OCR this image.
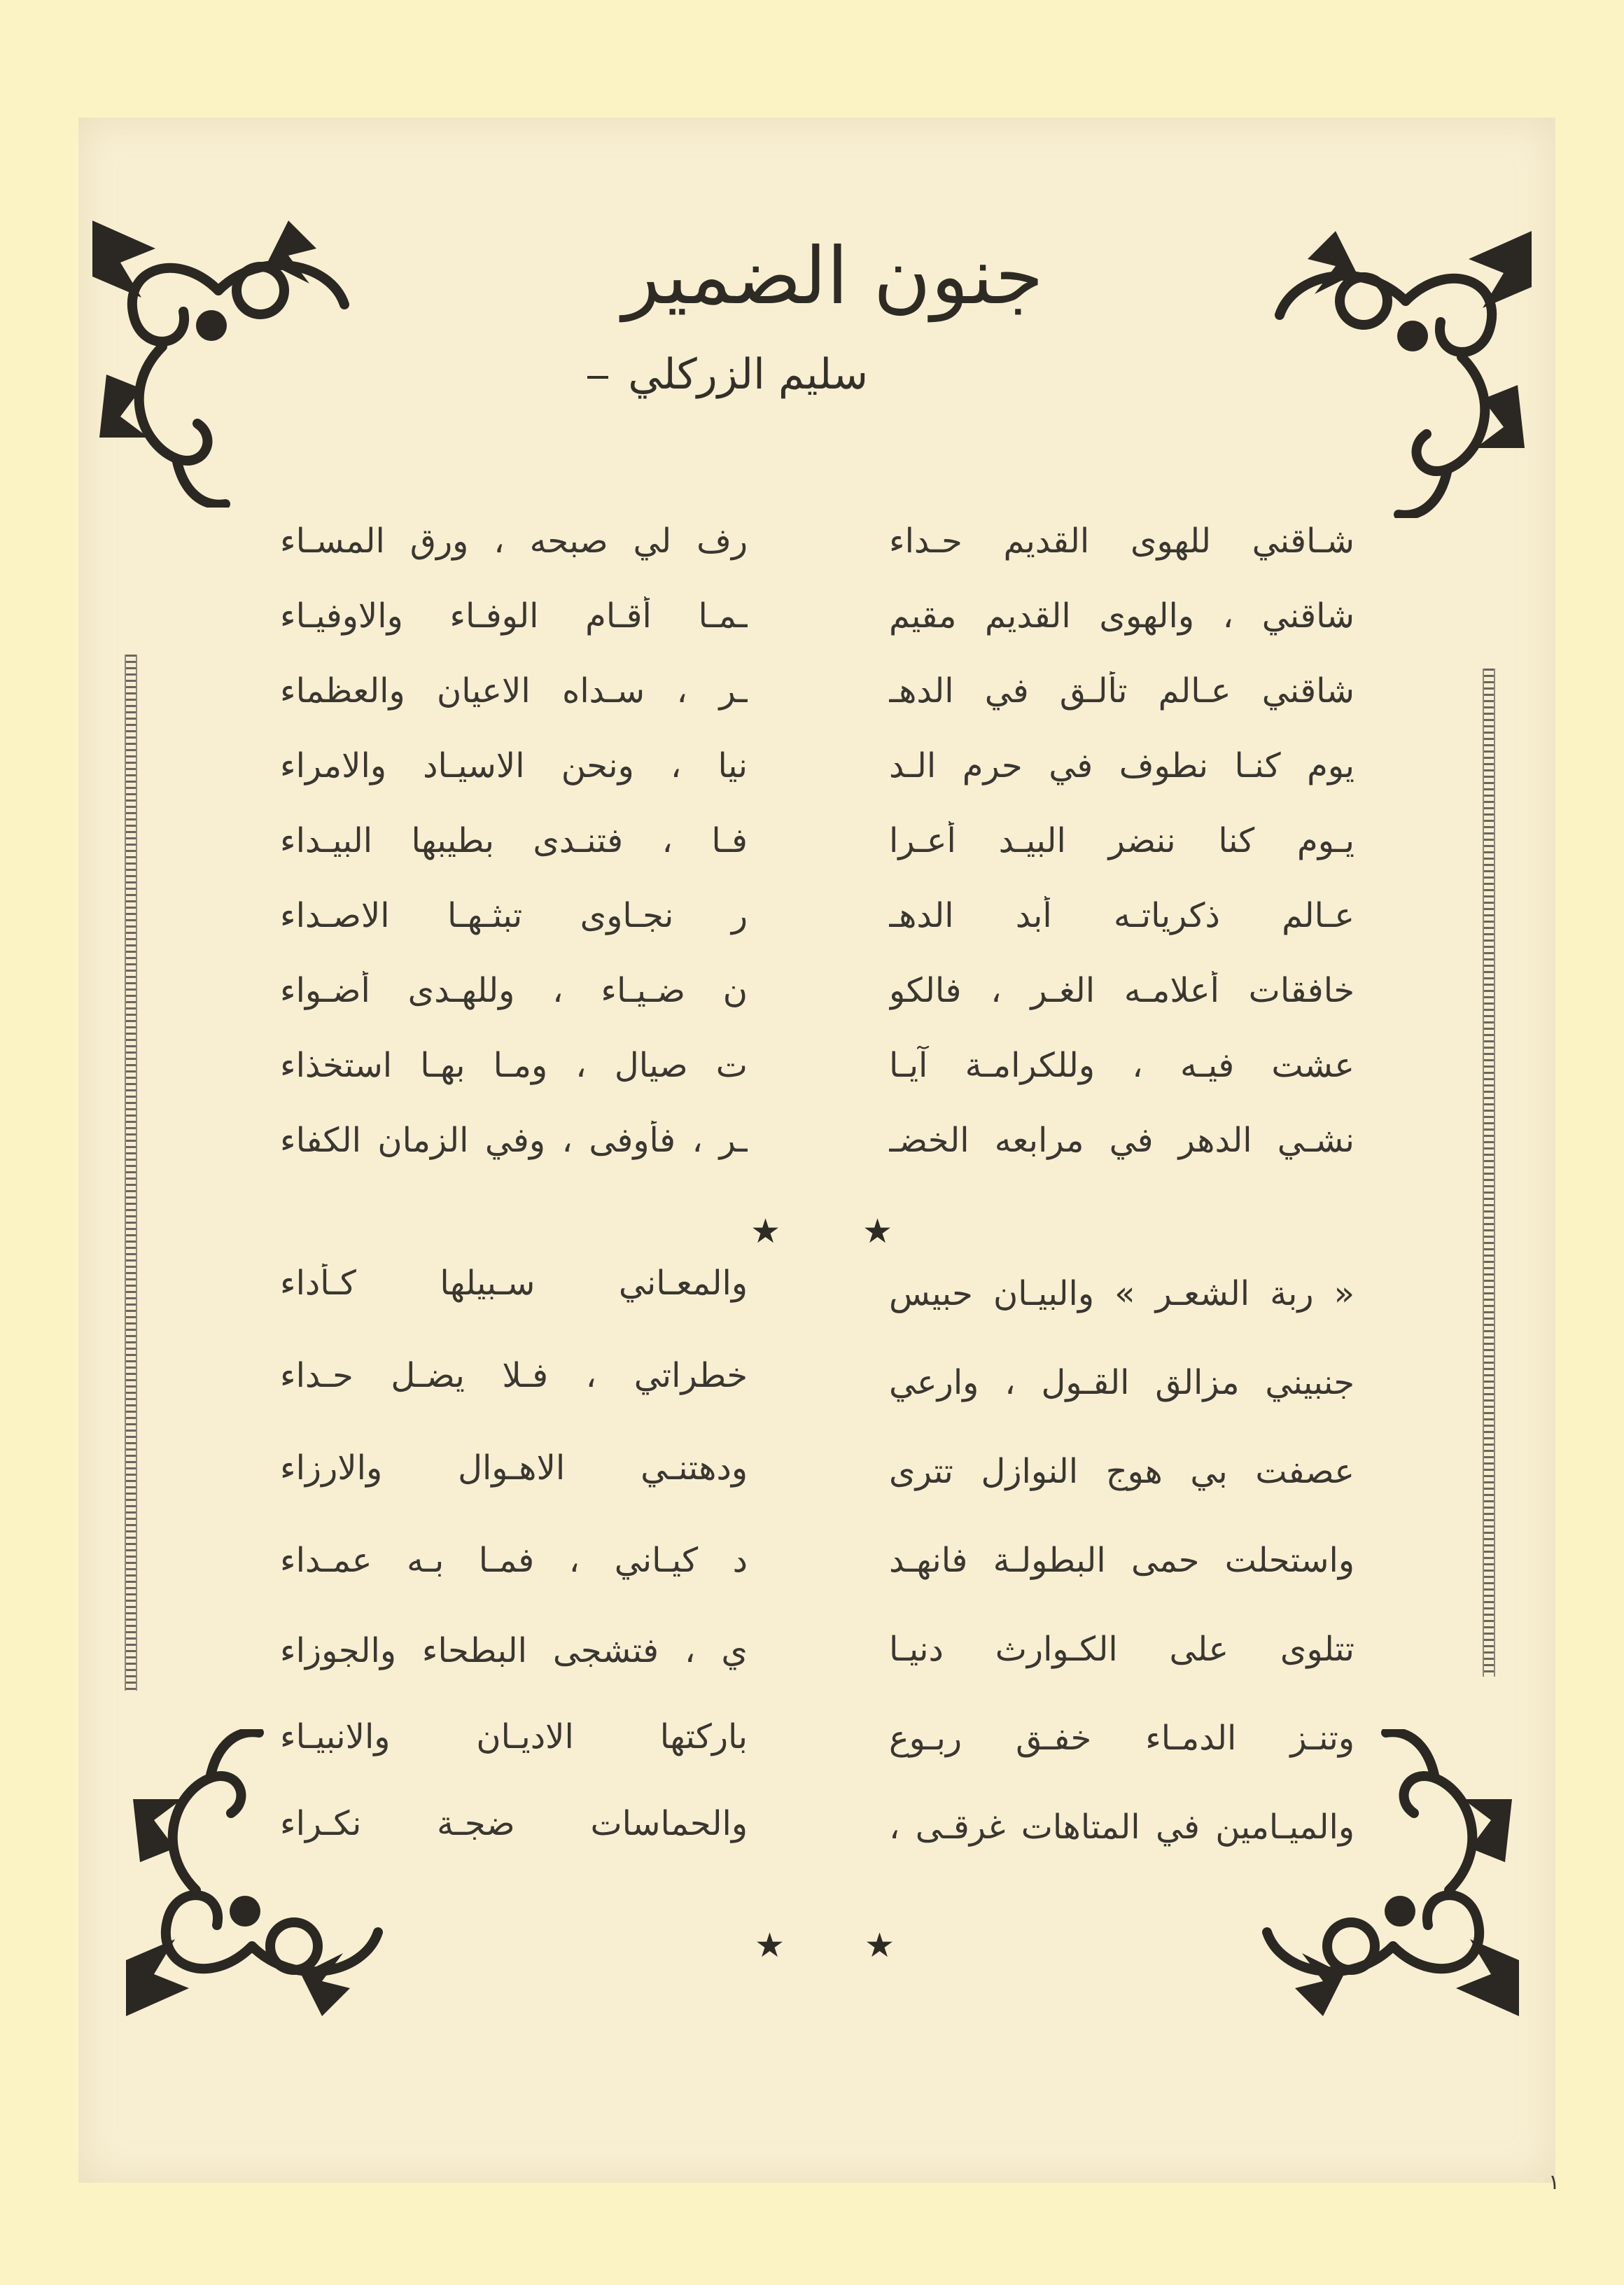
جنون الضمير
سليم الزركلي
شـاقني للهوى القديم حـداء
شاقني ، والهوى القديم مقيم
شاقني عـالم تألـق في الدهـ
يوم كنـا نطوف في حرم الـد
يـوم كنا ننضر البيـد أعـرا
عـالم ذكرياتـه أبد الدهـ
خافقات أعلامـه الغـر ، فالكو
عشت فيـه ، وللكرامـة آيـا
نشـي الدهر في مرابعه الخضـ
رف لي صبحه ، ورق المسـاء
ـمـا أقـام الوفـاء والاوفيـاء
ـر ، سـداه الاعيان والعظماء
نيا ، ونحن الاسيـاد والامراء
فـا ، فتنـدى بطيبها البيـداء
ر نجـاوى تبثـهـا الاصـداء
ن ضـيـاء ، وللهـدى أضـواء
ت صيال ، ومـا بهـا استخذاء
ـر ، فأوفى ، وفي الزمان الكفاء
★
★
« ربة الشعـر » والبيـان حبيس
جنبيني مزالق القـول ، وارعي
عصفت بي هوج النوازل تترى
واستحلت حمى البطولـة فانهـد
تتلوى على الكـوارث دنيـا
وتنـز الدمـاء خفـق ربـوع
والميـامين في المتاهات غرقـى ،
والمعـاني سـبيلها كـأداء
خطراتي ، فـلا يضـل حـداء
ودهتنـي الاهـوال والارزاء
د كيـاني ، فمـا بـه عمـداء
ي ، فتشجى البطحاء والجوزاء
باركتها الاديـان والانبيـاء
والحماسات ضجـة نكـراء
★
★
١
